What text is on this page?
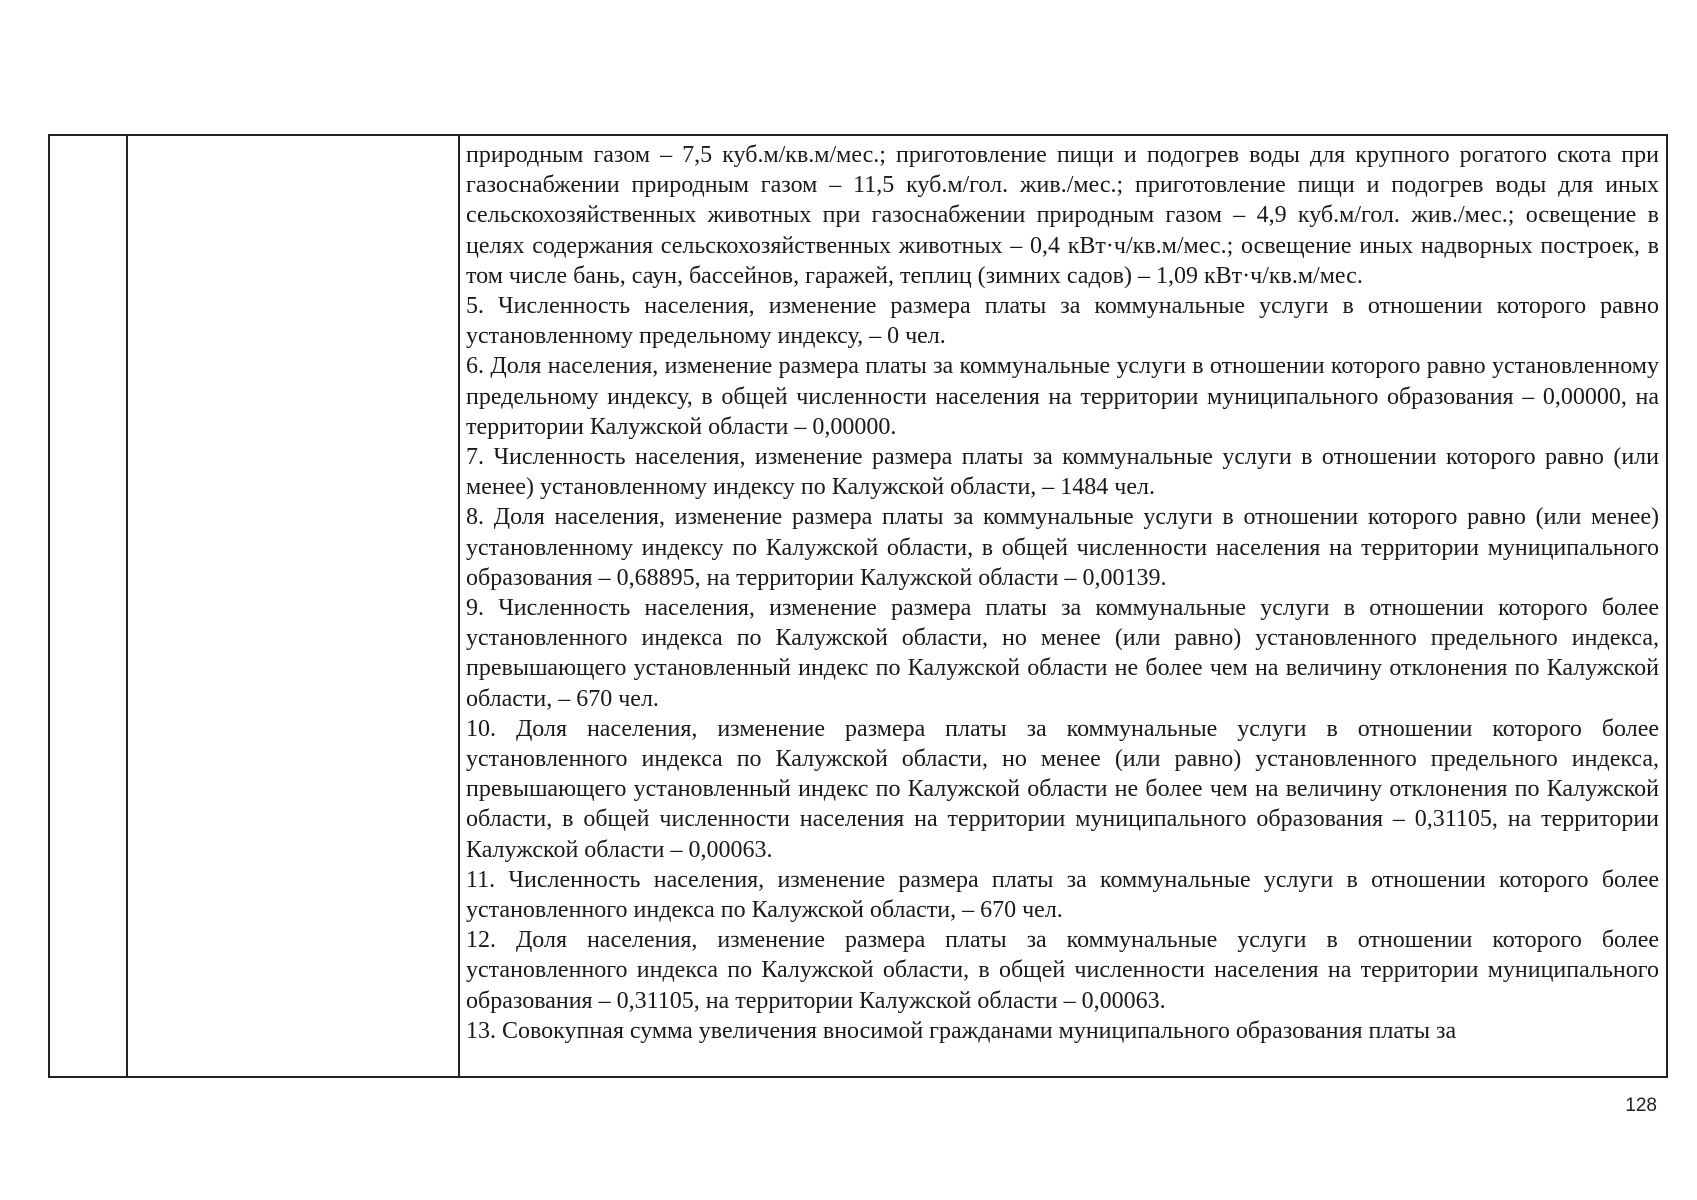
природным газом – 7,5 куб.м/кв.м/мес.; приготовление пищи и подогрев воды для крупного рогатого скота при газоснабжении природным газом – 11,5 куб.м/гол. жив./мес.; приготовление пищи и подогрев воды для иных сельскохозяйственных животных при газоснабжении природным газом – 4,9 куб.м/гол. жив./мес.; освещение в целях содержания сельскохозяйственных животных – 0,4 кВт·ч/кв.м/мес.; освещение иных надворных построек, в том числе бань, саун, бассейнов, гаражей, теплиц (зимних садов) – 1,09 кВт·ч/кв.м/мес.

5. Численность населения, изменение размера платы за коммунальные услуги в отношении которого равно установленному предельному индексу, – 0 чел.

6. Доля населения, изменение размера платы за коммунальные услуги в отношении которого равно установленному предельному индексу, в общей численности населения на территории муниципального образования – 0,00000, на территории Калужской области – 0,00000.

7. Численность населения, изменение размера платы за коммунальные услуги в отношении которого равно (или менее) установленному индексу по Калужской области, – 1484 чел.

8. Доля населения, изменение размера платы за коммунальные услуги в отношении которого равно (или менее) установленному индексу по Калужской области, в общей численности населения на территории муниципального образования – 0,68895, на территории Калужской области – 0,00139.

9. Численность населения, изменение размера платы за коммунальные услуги в отношении которого более установленного индекса по Калужской области, но менее (или равно) установленного предельного индекса, превышающего установленный индекс по Калужской области не более чем на величину отклонения по Калужской области, – 670 чел.

10. Доля населения, изменение размера платы за коммунальные услуги в отношении которого более установленного индекса по Калужской области, но менее (или равно) установленного предельного индекса, превышающего установленный индекс по Калужской области не более чем на величину отклонения по Калужской области, в общей численности населения на территории муниципального образования – 0,31105, на территории Калужской области – 0,00063.

11. Численность населения, изменение размера платы за коммунальные услуги в отношении которого более установленного индекса по Калужской области, – 670 чел.

12. Доля населения, изменение размера платы за коммунальные услуги в отношении которого более установленного индекса по Калужской области, в общей численности населения на территории муниципального образования – 0,31105, на территории Калужской области – 0,00063.

13. Совокупная сумма увеличения вносимой гражданами муниципального образования платы за

128
